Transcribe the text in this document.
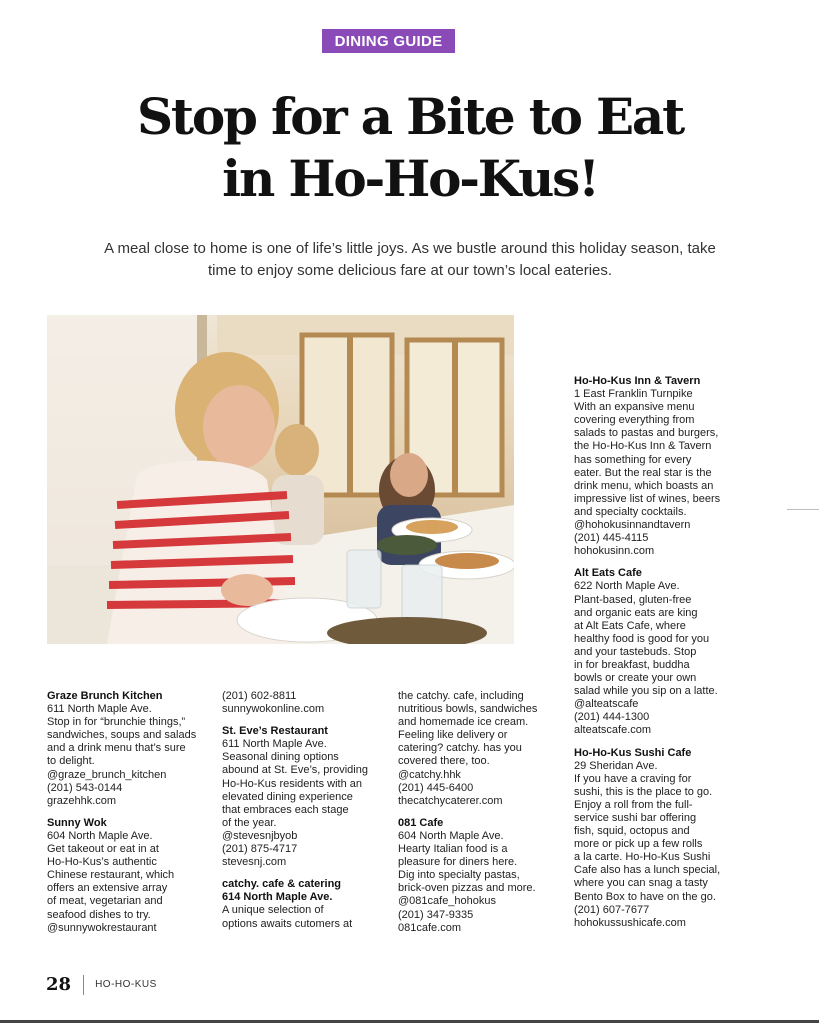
DINING GUIDE
Stop for a Bite to Eat
in Ho-Ho-Kus!
A meal close to home is one of life’s little joys. As we bustle around this holiday season, take
time to enjoy some delicious fare at our town’s local eateries.
Graze Brunch Kitchen
611 North Maple Ave.
Stop in for “brunchie things,”
sandwiches, soups and salads
and a drink menu that’s sure
to delight.
@graze_brunch_kitchen
(201) 543-0144
grazehhk.com
Sunny Wok
604 North Maple Ave.
Get takeout or eat in at
Ho-Ho-Kus’s authentic
Chinese restaurant, which
offers an extensive array
of meat, vegetarian and
seafood dishes to try.
@sunnywokrestaurant
(201) 602-8811
sunnywokonline.com
St. Eve’s Restaurant
611 North Maple Ave.
Seasonal dining options
abound at St. Eve’s, providing
Ho-Ho-Kus residents with an
elevated dining experience
that embraces each stage
of the year.
@stevesnjbyob
(201) 875-4717
stevesnj.com
catchy. cafe & catering
614 North Maple Ave.
A unique selection of
options awaits cutomers at
the catchy. cafe, including
nutritious bowls, sandwiches
and homemade ice cream.
Feeling like delivery or
catering? catchy. has you
covered there, too.
@catchy.hhk
(201) 445-6400
thecatchycaterer.com
081 Cafe
604 North Maple Ave.
Hearty Italian food is a
pleasure for diners here.
Dig into specialty pastas,
brick-oven pizzas and more.
@081cafe_hohokus
(201) 347-9335
081cafe.com
Ho-Ho-Kus Inn & Tavern
1 East Franklin Turnpike
With an expansive menu
covering everything from
salads to pastas and burgers,
the Ho-Ho-Kus Inn & Tavern
has something for every
eater. But the real star is the
drink menu, which boasts an
impressive list of wines, beers
and specialty cocktails.
@hohokusinnandtavern
(201) 445-4115
hohokusinn.com
Alt Eats Cafe
622 North Maple Ave.
Plant-based, gluten-free
and organic eats are king
at Alt Eats Cafe, where
healthy food is good for you
and your tastebuds. Stop
in for breakfast, buddha
bowls or create your own
salad while you sip on a latte.
@alteatscafe
(201) 444-1300
alteatscafe.com
Ho-Ho-Kus Sushi Cafe
29 Sheridan Ave.
If you have a craving for
sushi, this is the place to go.
Enjoy a roll from the full-
service sushi bar offering
fish, squid, octopus and
more or pick up a few rolls
a la carte. Ho-Ho-Kus Sushi
Cafe also has a lunch special,
where you can snag a tasty
Bento Box to have on the go.
(201) 607-7677
hohokussushicafe.com
28 HO-HO-KUS
